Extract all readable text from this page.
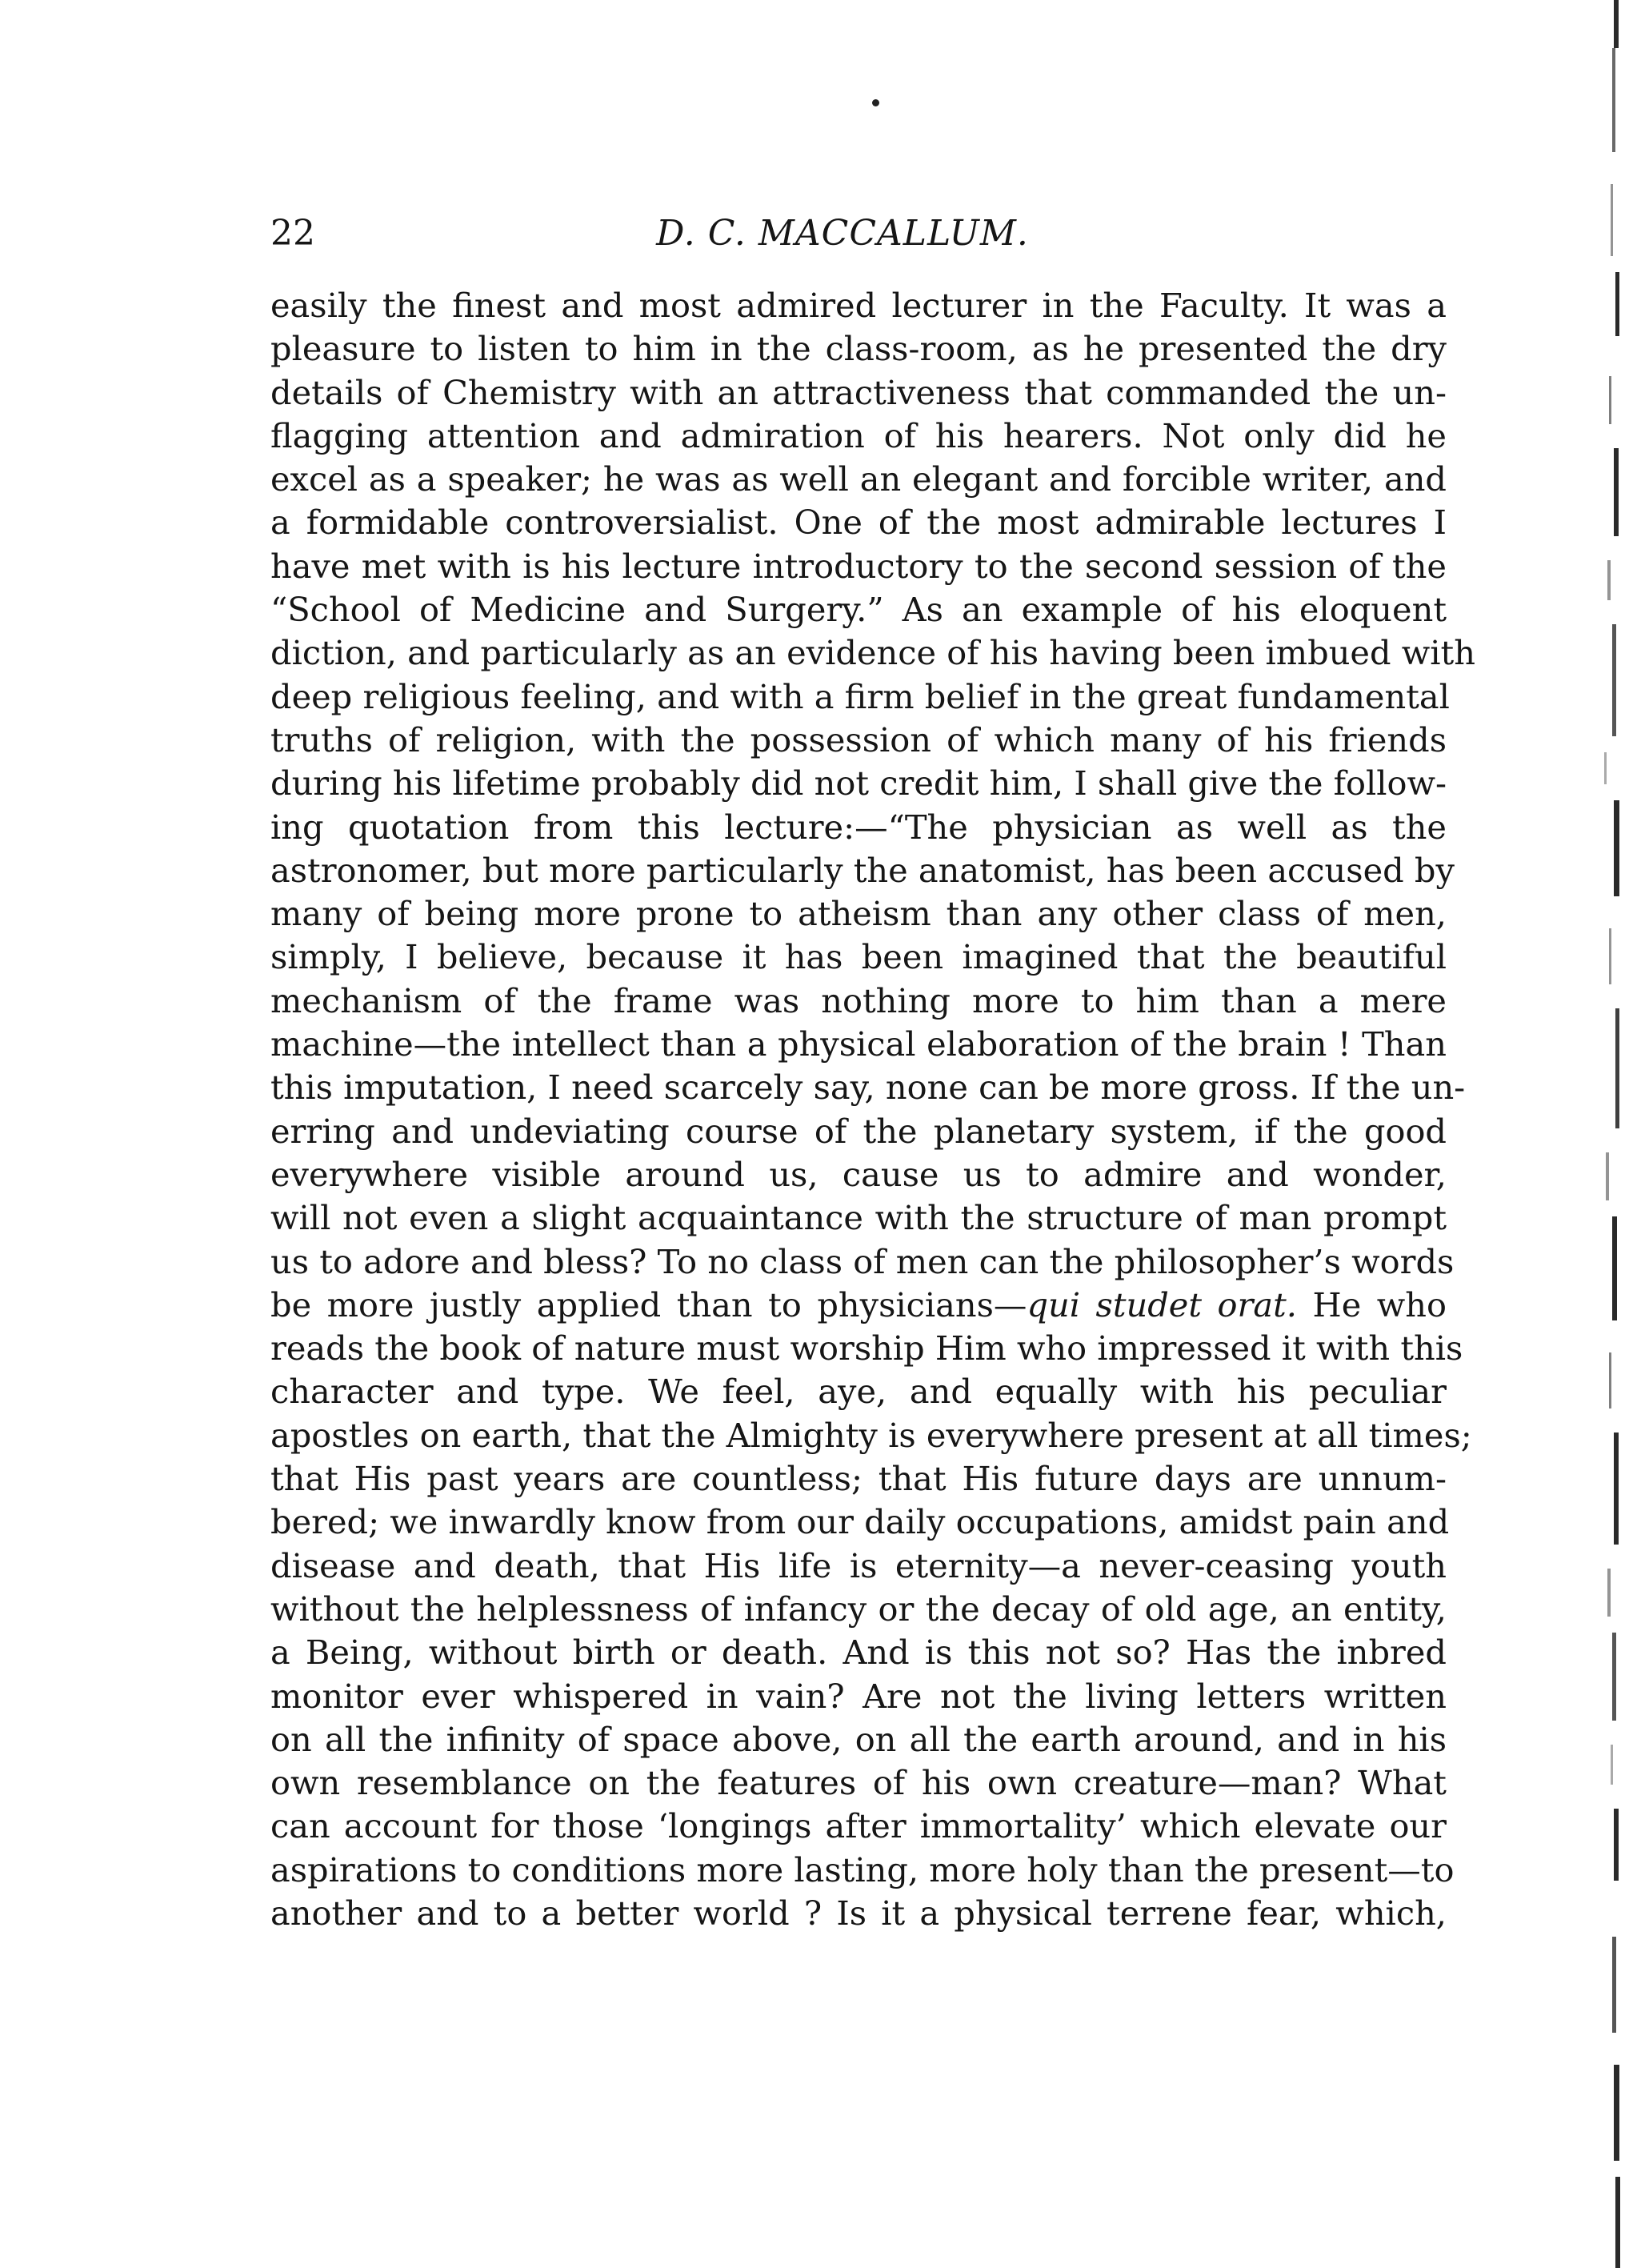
22	D. C. MACCALLUM.
easily the finest and most admired lecturer in the Faculty. It was a
pleasure to listen to him in the class-room, as he presented the dry
details of Chemistry with an attractiveness that commanded the un-
flagging attention and admiration of his hearers. Not only did he
excel as a speaker; he was as well an elegant and forcible writer, and
a formidable controversialist. One of the most admirable lectures I
have met with is his lecture introductory to the second session of the
“School of Medicine and Surgery.” As an example of his eloquent
diction, and particularly as an evidence of his having been imbued with
deep religious feeling, and with a firm belief in the great fundamental
truths of religion, with the possession of which many of his friends
during his lifetime probably did not credit him, I shall give the follow-
ing quotation from this lecture:—“The physician as well as the
astronomer, but more particularly the anatomist, has been accused by
many of being more prone to atheism than any other class of men,
simply, I believe, because it has been imagined that the beautiful
mechanism of the frame was nothing more to him than a mere
machine—the intellect than a physical elaboration of the brain ! Than
this imputation, I need scarcely say, none can be more gross. If the un-
erring and undeviating course of the planetary system, if the good
everywhere visible around us, cause us to admire and wonder,
will not even a slight acquaintance with the structure of man prompt
us to adore and bless? To no class of men can the philosopher’s words
be more justly applied than to physicians—qui studet orat. He who
reads the book of nature must worship Him who impressed it with this
character and type. We feel, aye, and equally with his peculiar
apostles on earth, that the Almighty is everywhere present at all times;
that His past years are countless; that His future days are unnum-
bered; we inwardly know from our daily occupations, amidst pain and
disease and death, that His life is eternity—a never-ceasing youth
without the helplessness of infancy or the decay of old age, an entity,
a Being, without birth or death. And is this not so? Has the inbred
monitor ever whispered in vain? Are not the living letters written
on all the infinity of space above, on all the earth around, and in his
own resemblance on the features of his own creature—man? What
can account for those ‘longings after immortality’ which elevate our
aspirations to conditions more lasting, more holy than the present—to
another and to a better world ? Is it a physical terrene fear, which,
